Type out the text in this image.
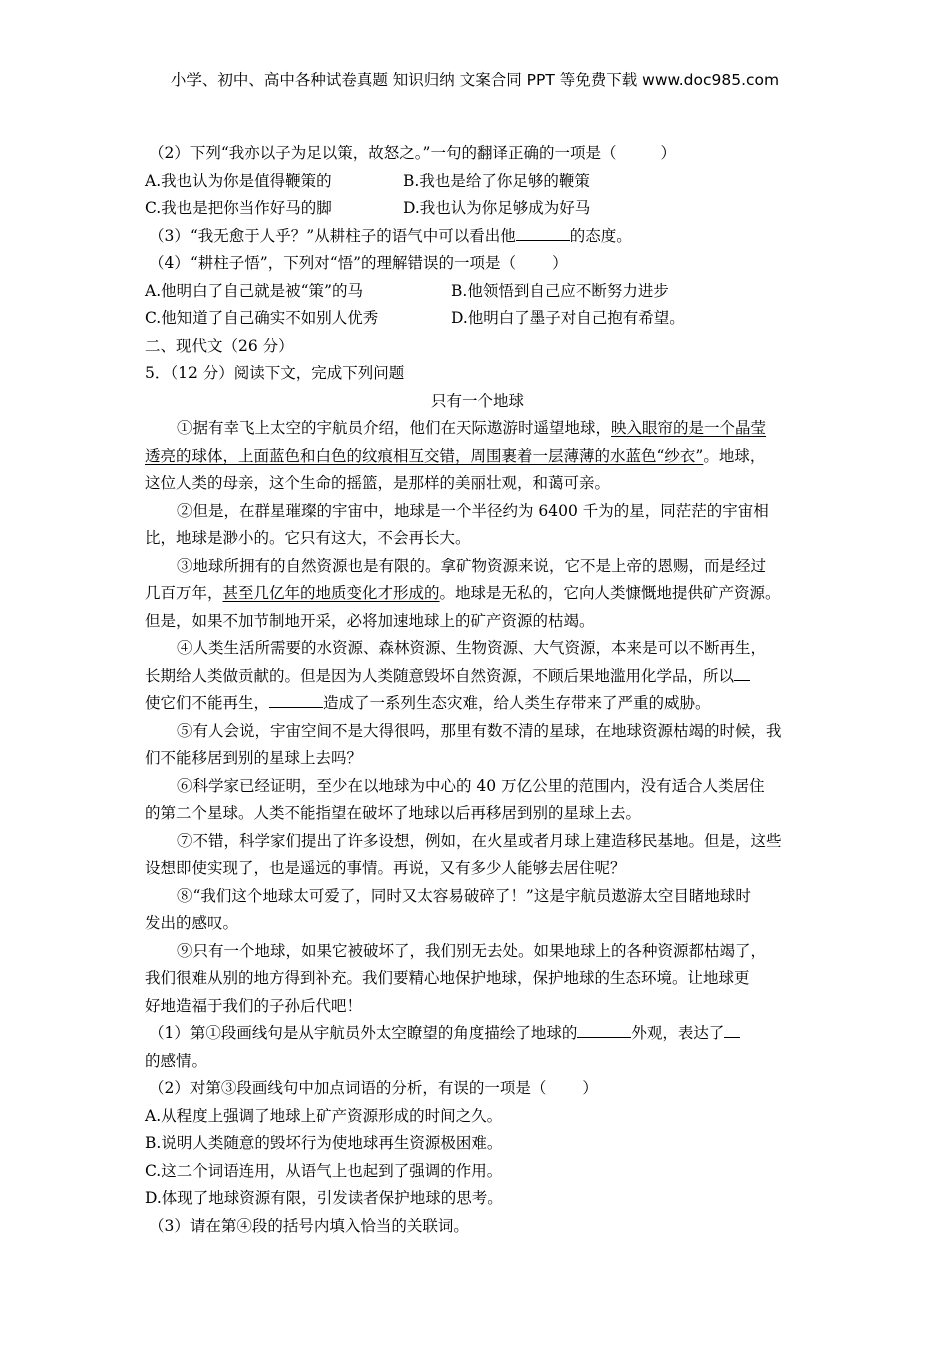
小学、初中、高中各种试卷真题 知识归纳 文案合同 PPT 等免费下载 www.doc985.com
（2）下列“我亦以子为足以策，故怒之。”一句的翻译正确的一项是（	）
A.我也认为你是值得鞭策的	B.我也是给了你足够的鞭策
C.我也是把你当作好马的脚	D.我也认为你足够成为好马
（3）“我无愈于人乎？”从耕柱子的语气中可以看出他	的态度。
（4）“耕柱子悟”，下列对“悟”的理解错误的一项是（ ）
A.他明白了自己就是被“策”的马	B.他领悟到自己应不断努力进步
C.他知道了自己确实不如别人优秀	D.他明白了墨子对自己抱有希望。
二、现代文（26 分）
5．（12 分）阅读下文，完成下列问题
只有一个地球
①据有幸飞上太空的宇航员介绍，他们在天际遨游时遥望地球，映入眼帘的是一个晶莹
透亮的球体，上面蓝色和白色的纹痕相互交错，周围裹着一层薄薄的水蓝色“纱衣”。地球，
这位人类的母亲，这个生命的摇篮，是那样的美丽壮观，和蔼可亲。
②但是，在群星璀璨的宇宙中，地球是一个半径约为 6400 千为的星，同茫茫的宇宙相
比，地球是渺小的。它只有这大，不会再长大。
③地球所拥有的自然资源也是有限的。拿矿物资源来说，它不是上帝的恩赐，而是经过
几百万年，甚至几亿年的地质变化才形成的。地球是无私的，它向人类慷慨地提供矿产资源。
但是，如果不加节制地开采，必将加速地球上的矿产资源的枯竭。
④人类生活所需要的水资源、森林资源、生物资源、大气资源，本来是可以不断再生，
长期给人类做贡献的。但是因为人类随意毁坏自然资源，不顾后果地滥用化学品，所以
使它们不能再生，	造成了一系列生态灾难，给人类生存带来了严重的威胁。
⑤有人会说，宇宙空间不是大得很吗，那里有数不清的星球，在地球资源枯竭的时候，我
们不能移居到别的星球上去吗？
⑥科学家已经证明，至少在以地球为中心的 40 万亿公里的范围内，没有适合人类居住
的第二个星球。人类不能指望在破坏了地球以后再移居到别的星球上去。
⑦不错，科学家们提出了许多设想，例如，在火星或者月球上建造移民基地。但是，这些
设想即使实现了，也是遥远的事情。再说，又有多少人能够去居住呢？
⑧“我们这个地球太可爱了，同时又太容易破碎了！”这是宇航员遨游太空目睹地球时
发出的感叹。
⑨只有一个地球，如果它被破坏了，我们别无去处。如果地球上的各种资源都枯竭了，
我们很难从别的地方得到补充。我们要精心地保护地球，保护地球的生态环境。让地球更
好地造福于我们的子孙后代吧！
（1）第①段画线句是从宇航员外太空瞭望的角度描绘了地球的	外观，表达了
的感情。
（2）对第③段画线句中加点词语的分析，有误的一项是（ ）
A.从程度上强调了地球上矿产资源形成的时间之久。
B.说明人类随意的毁坏行为使地球再生资源极困难。
C.这二个词语连用，从语气上也起到了强调的作用。
D.体现了地球资源有限，引发读者保护地球的思考。
（3）请在第④段的括号内填入恰当的关联词。
